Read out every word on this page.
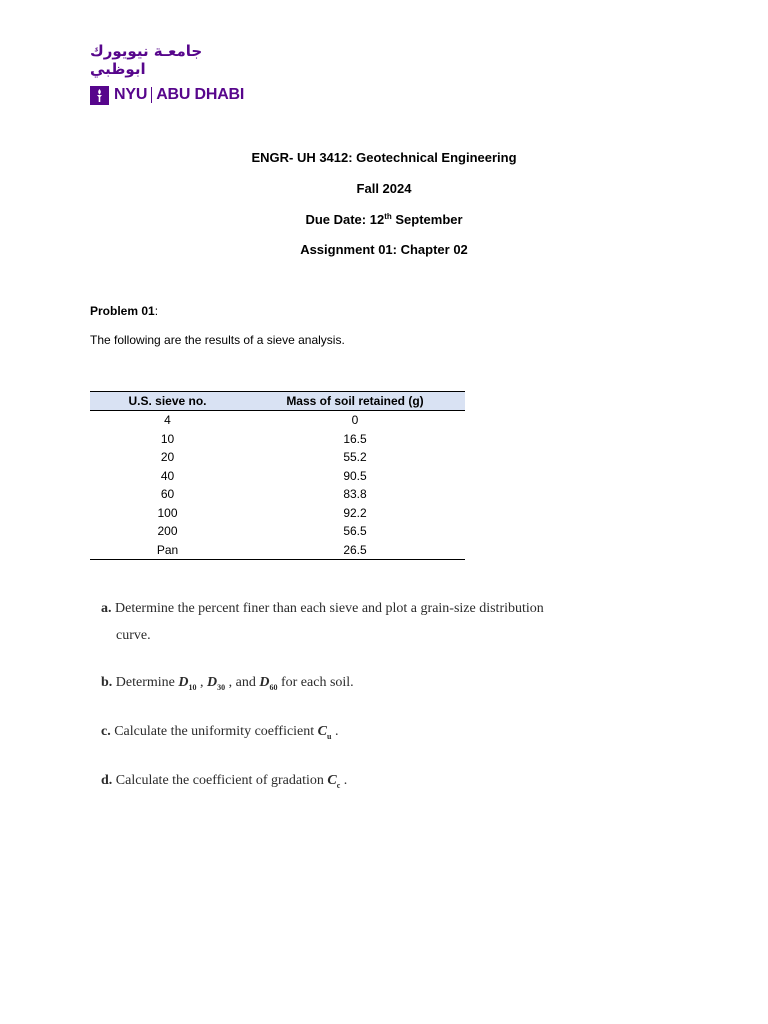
جامعـة نيويورك ابوظبي
NYU ABU DHABI
ENGR- UH 3412: Geotechnical Engineering
Fall 2024
Due Date: 12th September
Assignment 01: Chapter 02
Problem 01:
The following are the results of a sieve analysis.
U.S. sieve no.	Mass of soil retained (g)
4	0
10	16.5
20	55.2
40	90.5
60	83.8
100	92.2
200	56.5
Pan	26.5
a. Determine the percent finer than each sieve and plot a grain-size distribution
curve.
b. Determine $D_{10}$ , $D_{30}$ , and $D_{60}$ for each soil.
c. Calculate the uniformity coefficient $C_u$ .
d. Calculate the coefficient of gradation $C_c$ .
